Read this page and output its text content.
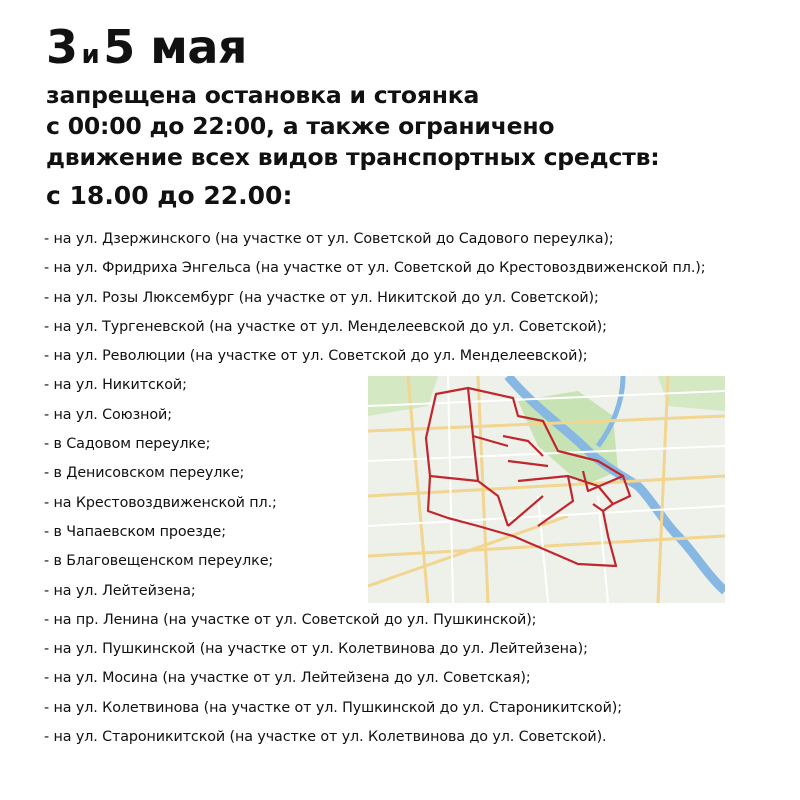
3 и5 мая
запрещена остановка и стоянка
с 00:00 до 22:00, а также ограничено
движение всех видов транспортных средств:
с 18.00 до 22.00:
- на ул. Дзержинского (на участке от ул. Советской до Садового переулка);
- на ул. Фридриха Энгельса (на участке от ул. Советской до Крестовоздвиженской пл.);
- на ул. Розы Люксембург (на участке от ул. Никитской до ул. Советской);
- на ул. Тургеневской (на участке от ул. Менделеевской до ул. Советской);
- на ул. Революции (на участке от ул. Советской до ул. Менделеевской);
- на ул. Никитской;
- на ул. Союзной;
- в Садовом переулке;
- в Денисовском переулке;
- на Крестовоздвиженской пл.;
- в Чапаевском проезде;
- в Благовещенском переулке;
- на ул. Лейтейзена;
- на пр. Ленина (на участке от ул. Советской до ул. Пушкинской);
- на ул. Пушкинской (на участке от ул. Колетвинова до ул. Лейтейзена);
- на ул. Мосина (на участке от ул. Лейтейзена до ул. Советская);
- на ул. Колетвинова (на участке от ул. Пушкинской до ул. Староникитской);
- на ул. Староникитской (на участке от ул. Колетвинова до ул. Советской).
